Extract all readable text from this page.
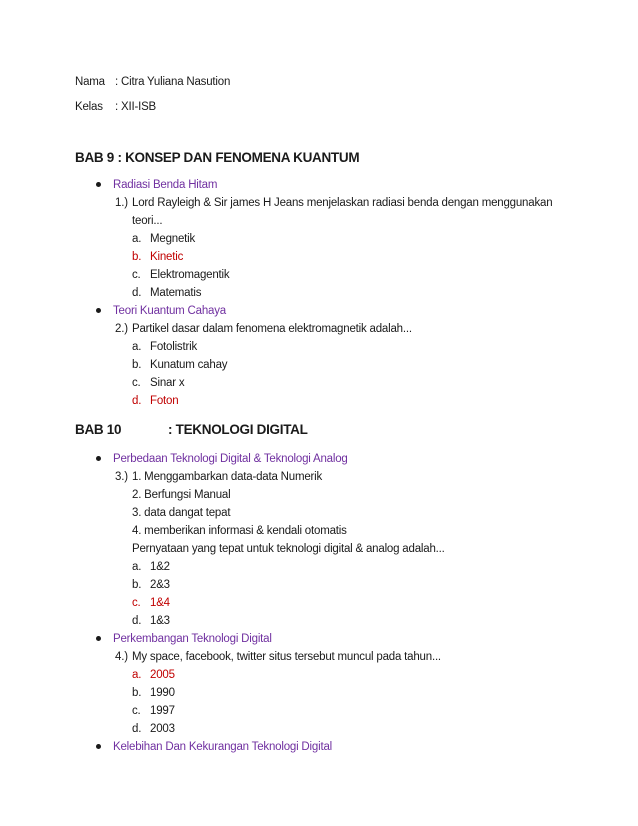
Nama : Citra Yuliana Nasution
Kelas : XII-ISB
BAB 9 : KONSEP DAN FENOMENA KUANTUM
Radiasi Benda Hitam
1.) Lord Rayleigh & Sir james H Jeans menjelaskan radiasi benda dengan menggunakan
teori...
a. Megnetik
b. Kinetic
c. Elektromagentik
d. Matematis
Teori Kuantum Cahaya
2.) Partikel dasar dalam fenomena elektromagnetik adalah...
a. Fotolistrik
b. Kunatum cahay
c. Sinar x
d. Foton
BAB 10	: TEKNOLOGI DIGITAL
Perbedaan Teknologi Digital & Teknologi Analog
3.) 1. Menggambarkan data-data Numerik
2. Berfungsi Manual
3. data dangat tepat
4. memberikan informasi & kendali otomatis
Pernyataan yang tepat untuk teknologi digital & analog adalah...
a. 1&2
b. 2&3
c. 1&4
d. 1&3
Perkembangan Teknologi Digital
4.) My space, facebook, twitter situs tersebut muncul pada tahun...
a. 2005
b. 1990
c. 1997
d. 2003
Kelebihan Dan Kekurangan Teknologi Digital
